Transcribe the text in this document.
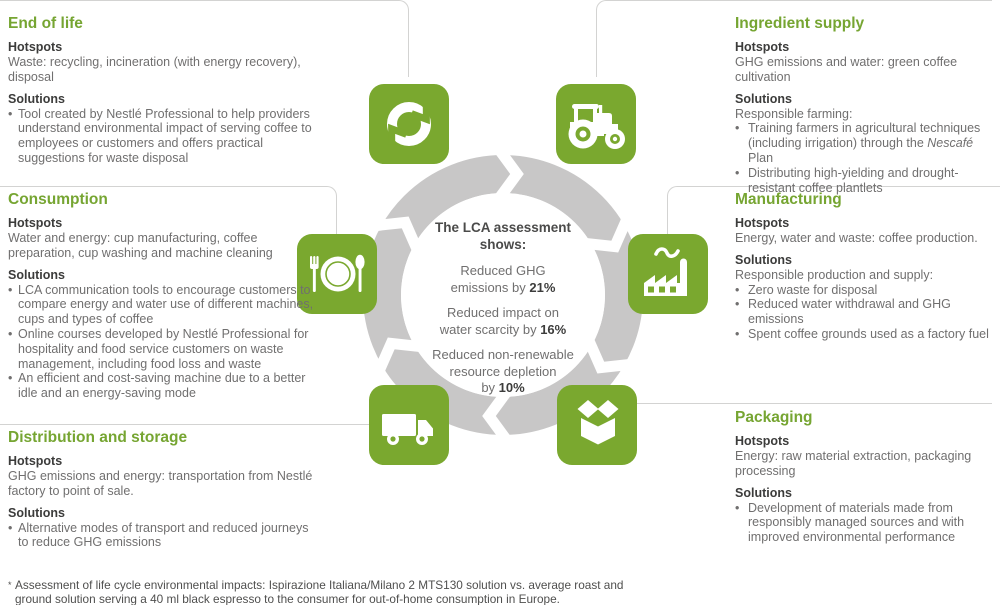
The LCA assessment
shows:

Reduced GHG
emissions by 21%
Reduced impact on
water scarcity by 16%
Reduced non-renewable
resource depletion
by 10%
End of life
Hotspots

Waste: recycling, incineration (with energy recovery), disposal

Solutions
• Tool created by Nestlé Professional to help providers understand environmental impact of serving coffee to employees or customers and offers practical suggestions for waste disposal
Ingredient supply
Hotspots

GHG emissions and water: green coffee cultivation

Solutions

Responsible farming:

• Training farmers in agricultural techniques (including irrigation) through the Nescafé Plan
• Distributing high-yielding and drought-resistant coffee plantlets
Consumption
Hotspots

Water and energy: cup manufacturing, coffee preparation, cup washing and machine cleaning

Solutions
• LCA communication tools to encourage customers to compare energy and water use of different machines, cups and types of coffee
• Online courses developed by Nestlé Professional for hospitality and food service customers on waste management, including food loss and waste
• An efficient and cost-saving machine due to a better idle and an energy-saving mode
Manufacturing
Hotspots

Energy, water and waste: coffee production.

Solutions

Responsible production and supply:

• Zero waste for disposal
• Reduced water withdrawal and GHG emissions
• Spent coffee grounds used as a factory fuel
Distribution and storage
Hotspots

GHG emissions and energy: transportation from Nestlé factory to point of sale.

Solutions
• Alternative modes of transport and reduced journeys to reduce GHG emissions
Packaging
Hotspots

Energy: raw material extraction, packaging processing

Solutions
• Development of materials made from responsibly managed sources and with improved environmental performance

* Assessment of life cycle environmental impacts: Ispirazione Italiana/Milano 2 MTS130 solution vs. average roast and ground solution serving a 40 ml black espresso to the consumer for out-of-home consumption in Europe.
